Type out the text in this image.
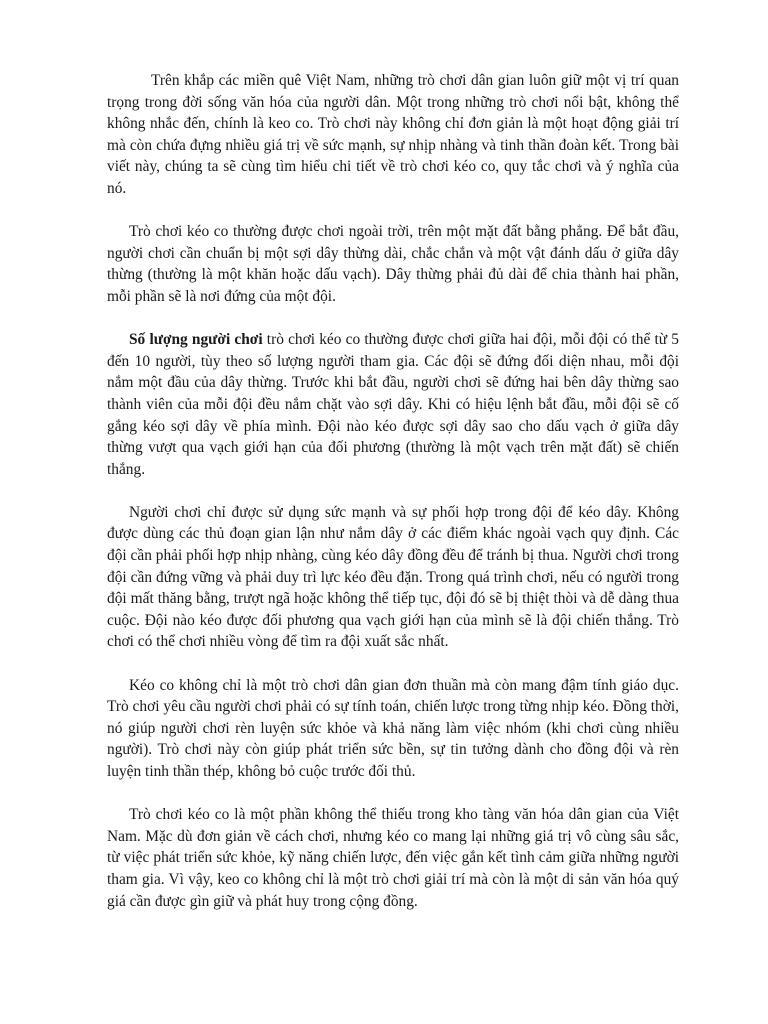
Trên khắp các miền quê Việt Nam, những trò chơi dân gian luôn giữ một vị trí quan trọng trong đời sống văn hóa của người dân. Một trong những trò chơi nổi bật, không thể không nhắc đến, chính là keo co. Trò chơi này không chỉ đơn giản là một hoạt động giải trí mà còn chứa đựng nhiều giá trị về sức mạnh, sự nhịp nhàng và tinh thần đoàn kết. Trong bài viết này, chúng ta sẽ cùng tìm hiểu chi tiết về trò chơi kéo co, quy tắc chơi và ý nghĩa của nó.

Trò chơi kéo co thường được chơi ngoài trời, trên một mặt đất bằng phẳng. Để bắt đầu, người chơi cần chuẩn bị một sợi dây thừng dài, chắc chắn và một vật đánh dấu ở giữa dây thừng (thường là một khăn hoặc dấu vạch). Dây thừng phải đủ dài để chia thành hai phần, mỗi phần sẽ là nơi đứng của một đội.

Số lượng người chơi trò chơi kéo co thường được chơi giữa hai đội, mỗi đội có thể từ 5 đến 10 người, tùy theo số lượng người tham gia. Các đội sẽ đứng đối diện nhau, mỗi đội nắm một đầu của dây thừng. Trước khi bắt đầu, người chơi sẽ đứng hai bên dây thừng sao thành viên của mỗi đội đều nắm chặt vào sợi dây. Khi có hiệu lệnh bắt đầu, mỗi đội sẽ cố gắng kéo sợi dây về phía mình. Đội nào kéo được sợi dây sao cho dấu vạch ở giữa dây thừng vượt qua vạch giới hạn của đối phương (thường là một vạch trên mặt đất) sẽ chiến thắng.

Người chơi chỉ được sử dụng sức mạnh và sự phối hợp trong đội để kéo dây. Không được dùng các thủ đoạn gian lận như nắm dây ở các điểm khác ngoài vạch quy định. Các đội cần phải phối hợp nhịp nhàng, cùng kéo dây đồng đều để tránh bị thua. Người chơi trong đội cần đứng vững và phải duy trì lực kéo đều đặn. Trong quá trình chơi, nếu có người trong đội mất thăng bằng, trượt ngã hoặc không thể tiếp tục, đội đó sẽ bị thiệt thòi và dễ dàng thua cuộc. Đội nào kéo được đối phương qua vạch giới hạn của mình sẽ là đội chiến thắng. Trò chơi có thể chơi nhiều vòng để tìm ra đội xuất sắc nhất.

Kéo co không chỉ là một trò chơi dân gian đơn thuần mà còn mang đậm tính giáo dục. Trò chơi yêu cầu người chơi phải có sự tính toán, chiến lược trong từng nhịp kéo. Đồng thời, nó giúp người chơi rèn luyện sức khỏe và khả năng làm việc nhóm (khi chơi cùng nhiều người). Trò chơi này còn giúp phát triển sức bền, sự tin tưởng dành cho đồng đội và rèn luyện tinh thần thép, không bỏ cuộc trước đối thủ.

Trò chơi kéo co là một phần không thể thiếu trong kho tàng văn hóa dân gian của Việt Nam. Mặc dù đơn giản về cách chơi, nhưng kéo co mang lại những giá trị vô cùng sâu sắc, từ việc phát triển sức khỏe, kỹ năng chiến lược, đến việc gắn kết tình cảm giữa những người tham gia. Vì vậy, keo co không chỉ là một trò chơi giải trí mà còn là một di sản văn hóa quý giá cần được gìn giữ và phát huy trong cộng đồng.
